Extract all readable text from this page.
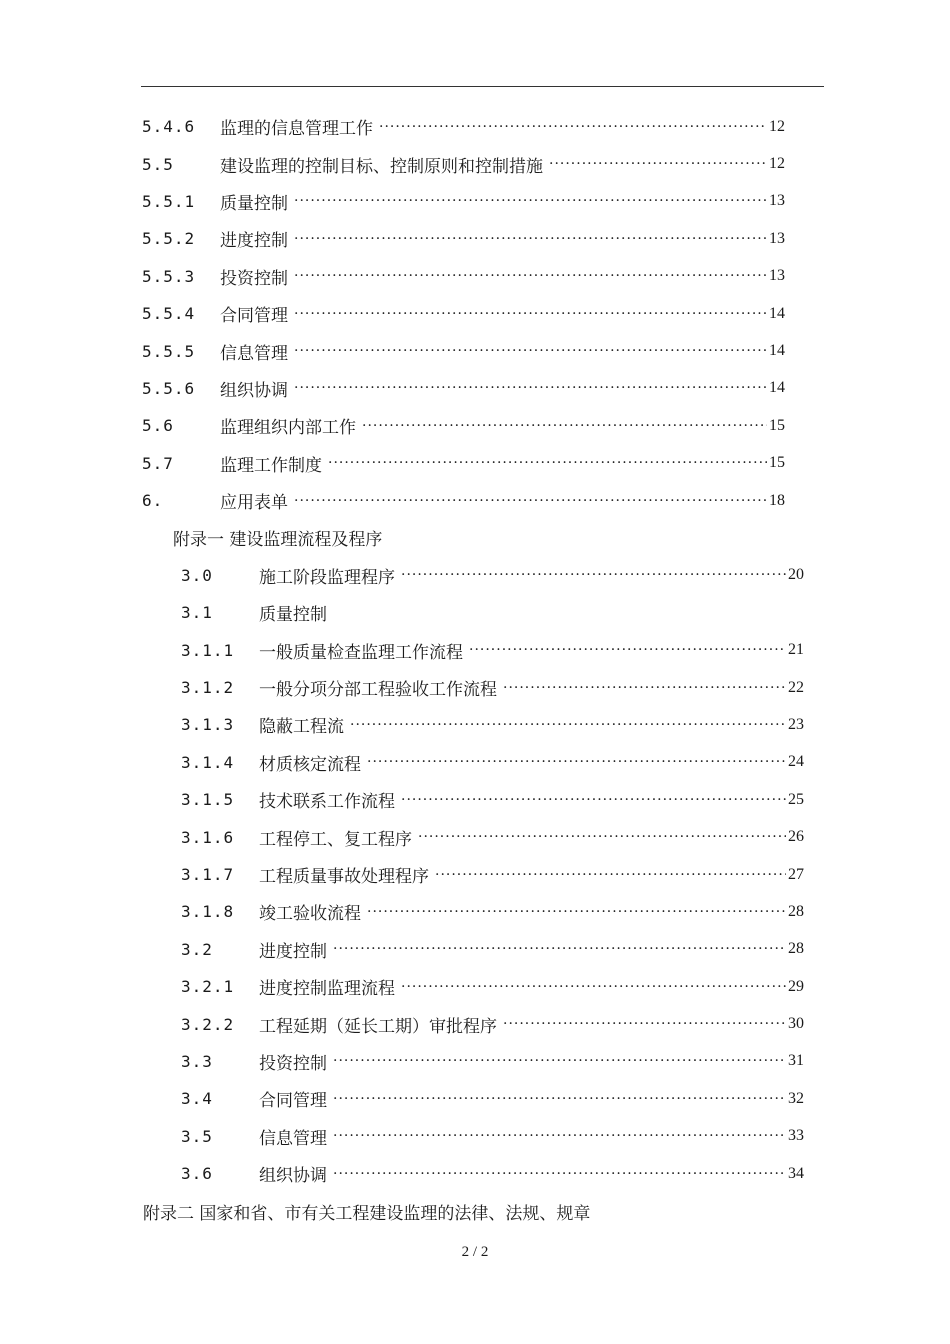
5.4.6	监理的信息管理工作 ·····	12
5.5	建设监理的控制目标、控制原则和控制措施 ·····	12
5.5.1	质量控制 ·····	13
5.5.2	进度控制 ·····	13
5.5.3	投资控制 ·····	13
5.5.4	合同管理 ·····	14
5.5.5	信息管理 ·····	14
5.5.6	组织协调 ·····	14
5.6	监理组织内部工作 ·····	15
5.7	监理工作制度 ·····	15
6.	应用表单 ·····	18
附录一 建设监理流程及程序
3.0	施工阶段监理程序 ·····	20
3.1	质量控制
3.1.1	一般质量检查监理工作流程 ·····	21
3.1.2	一般分项分部工程验收工作流程 ·····	22
3.1.3	隐蔽工程流 ·····	23
3.1.4	材质核定流程 ·····	24
3.1.5	技术联系工作流程 ·····	25
3.1.6	工程停工、复工程序 ·····	26
3.1.7	工程质量事故处理程序 ·····	27
3.1.8	竣工验收流程 ·····	28
3.2	进度控制 ·····	28
3.2.1	进度控制监理流程 ·····	29
3.2.2	工程延期（延长工期）审批程序 ·····	30
3.3	投资控制 ·····	31
3.4	合同管理 ·····	32
3.5	信息管理 ·····	33
3.6	组织协调 ·····	34
附录二 国家和省、市有关工程建设监理的法律、法规、规章
2 / 2
